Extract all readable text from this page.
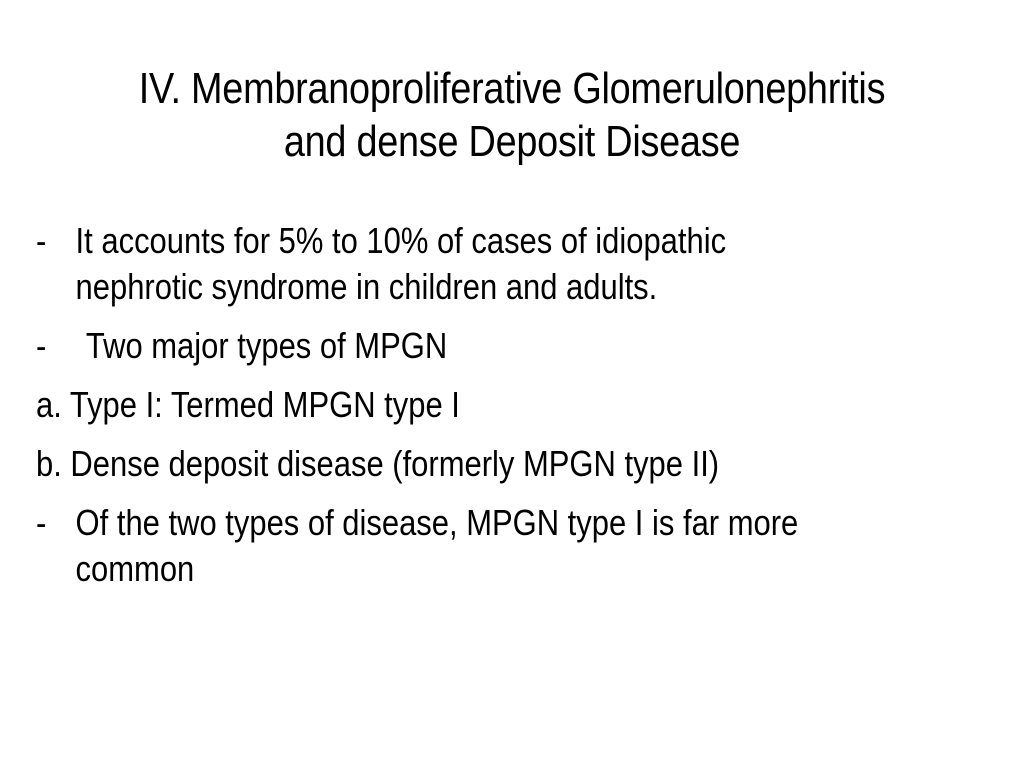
IV. Membranoproliferative Glomerulonephritis
and dense Deposit Disease
- It accounts for 5% to 10% of cases of idiopathic nephrotic syndrome in children and adults.
- Two major types of MPGN
a. Type I: Termed MPGN type I
b. Dense deposit disease (formerly MPGN type II)
- Of the two types of disease, MPGN type I is far more common
